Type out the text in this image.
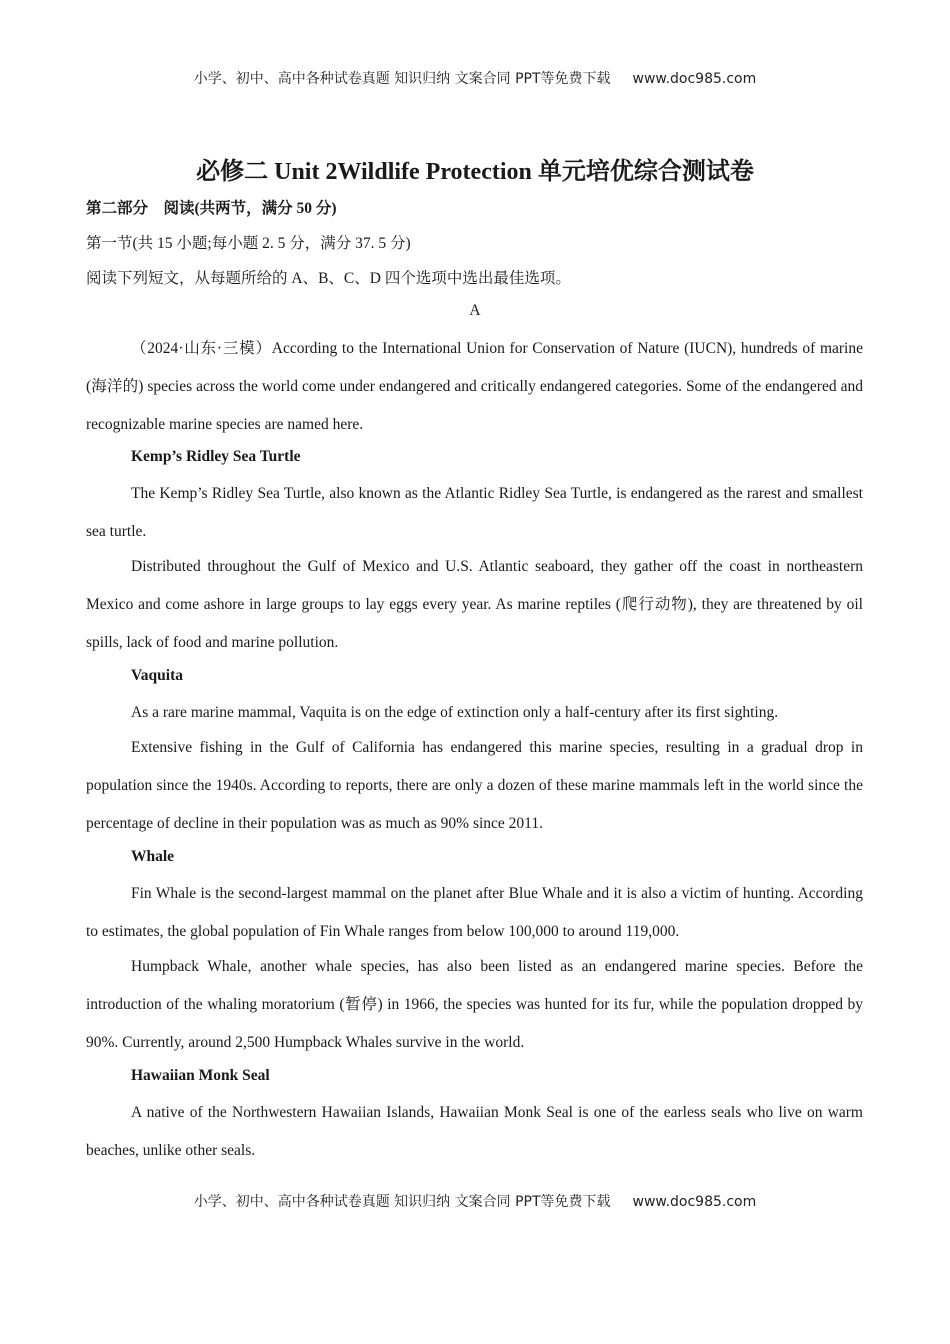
小学、初中、高中各种试卷真题 知识归纳 文案合同 PPT等免费下载 www.doc985.com
必修二 Unit 2Wildlife Protection 单元培优综合测试卷
第二部分　阅读(共两节，满分 50 分)
第一节(共 15 小题;每小题 2. 5 分，满分 37. 5 分)
阅读下列短文，从每题所给的 A、B、C、D 四个选项中选出最佳选项。
A
（2024·山东·三模）According to the International Union for Conservation of Nature (IUCN), hundreds of marine (海洋的) species across the world come under endangered and critically endangered categories. Some of the endangered and recognizable marine species are named here.
Kemp’s Ridley Sea Turtle
The Kemp’s Ridley Sea Turtle, also known as the Atlantic Ridley Sea Turtle, is endangered as the rarest and smallest sea turtle.
Distributed throughout the Gulf of Mexico and U.S. Atlantic seaboard, they gather off the coast in northeastern Mexico and come ashore in large groups to lay eggs every year. As marine reptiles (爬行动物), they are threatened by oil spills, lack of food and marine pollution.
Vaquita
As a rare marine mammal, Vaquita is on the edge of extinction only a half-century after its first sighting.
Extensive fishing in the Gulf of California has endangered this marine species, resulting in a gradual drop in population since the 1940s. According to reports, there are only a dozen of these marine mammals left in the world since the percentage of decline in their population was as much as 90% since 2011.
Whale
Fin Whale is the second-largest mammal on the planet after Blue Whale and it is also a victim of hunting. According to estimates, the global population of Fin Whale ranges from below 100,000 to around 119,000.
Humpback Whale, another whale species, has also been listed as an endangered marine species. Before the introduction of the whaling moratorium (暂停) in 1966, the species was hunted for its fur, while the population dropped by 90%. Currently, around 2,500 Humpback Whales survive in the world.
Hawaiian Monk Seal
A native of the Northwestern Hawaiian Islands, Hawaiian Monk Seal is one of the earless seals who live on warm beaches, unlike other seals.
小学、初中、高中各种试卷真题 知识归纳 文案合同 PPT等免费下载 www.doc985.com
